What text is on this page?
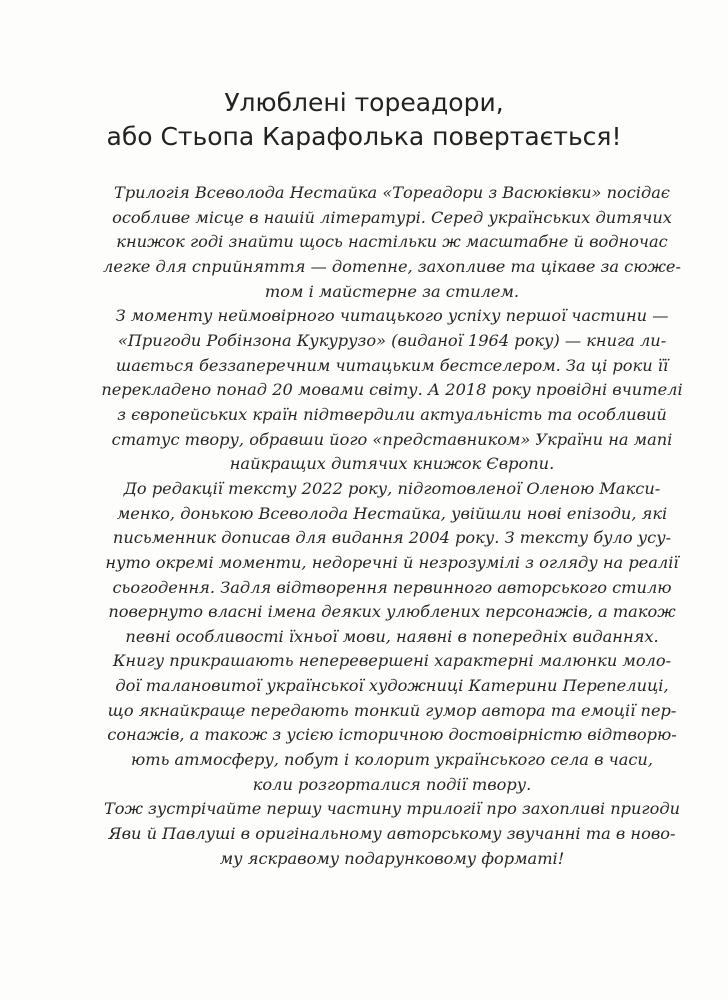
Улюблені тореадори,
або Стьопа Карафолька повертається!
Трилогія Всеволода Нестайка «Тореадори з Васюківки» посідає
особливе місце в нашій літературі. Серед українських дитячих
книжок годі знайти щось настільки ж масштабне й водночас
легке для сприйняття — дотепне, захопливе та цікаве за сюже-
том і майстерне за стилем.
З моменту неймовірного читацького успіху першої частини —
«Пригоди Робінзона Кукурузо» (виданої 1964 року) — книга ли-
шається беззаперечним читацьким бестселером. За ці роки її
перекладено понад 20 мовами світу. А 2018 року провідні вчителі
з європейських країн підтвердили актуальність та особливий
статус твору, обравши його «представником» України на мапі
найкращих дитячих книжок Європи.
До редакції тексту 2022 року, підготовленої Оленою Макси-
менко, донькою Всеволода Нестайка, увійшли нові епізоди, які
письменник дописав для видання 2004 року. З тексту було усу-
нуто окремі моменти, недоречні й незрозумілі з огляду на реалії
сьогодення. Задля відтворення первинного авторського стилю
повернуто власні імена деяких улюблених персонажів, а також
певні особливості їхньої мови, наявні в попередніх виданнях.
Книгу прикрашають неперевершені характерні малюнки моло-
дої талановитої української художниці Катерини Перепелиці,
що якнайкраще передають тонкий гумор автора та емоції пер-
сонажів, а також з усією історичною достовірністю відтворю-
ють атмосферу, побут і колорит українського села в часи,
коли розгорталися події твору.
Тож зустрічайте першу частину трилогії про захопливі пригоди
Яви й Павлуші в оригінальному авторському звучанні та в ново-
му яскравому подарунковому форматі!
